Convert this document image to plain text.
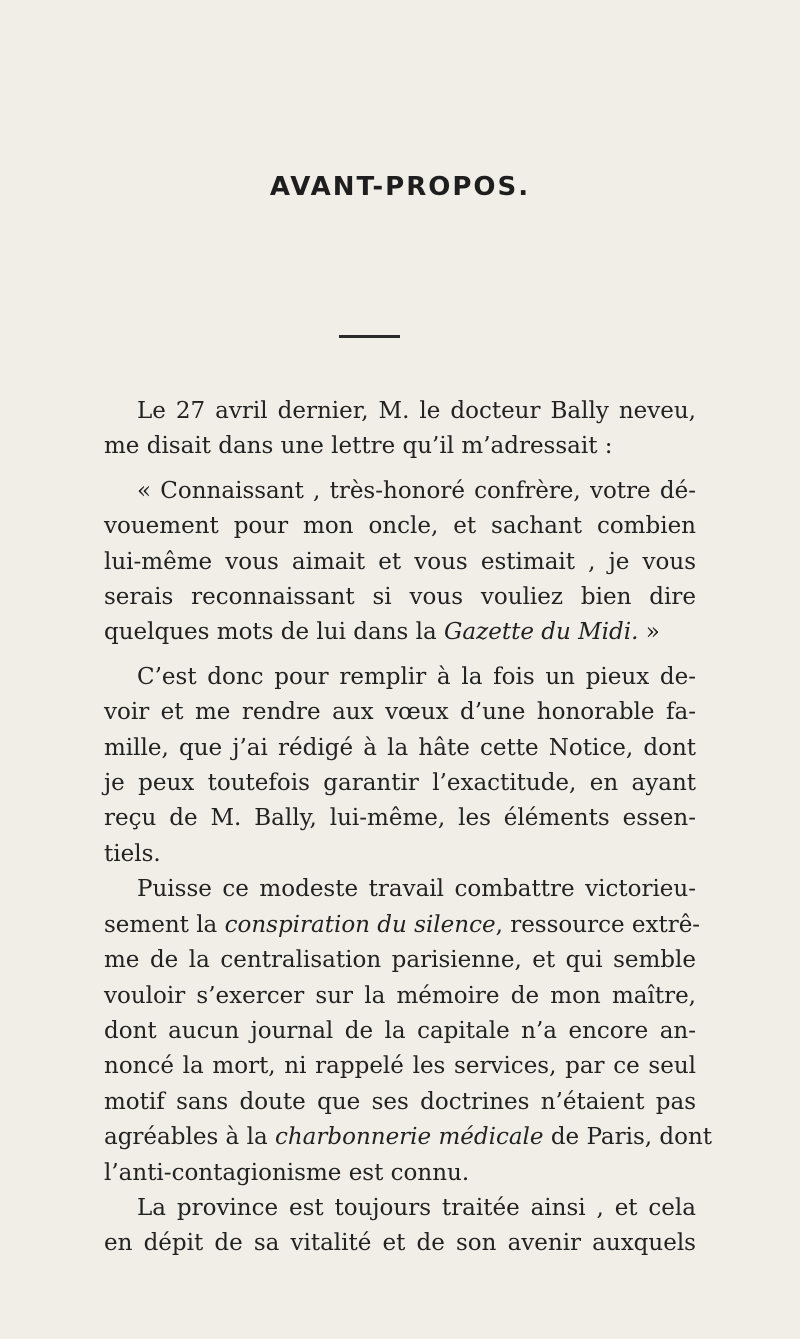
AVANT-PROPOS.
Le 27 avril dernier, M. le docteur Bally neveu,
me disait dans une lettre qu’il m’adressait :
« Connaissant , très-honoré confrère, votre dé-
vouement pour mon oncle, et sachant combien
lui-même vous aimait et vous estimait , je vous
serais reconnaissant si vous vouliez bien dire
quelques mots de lui dans la Gazette du Midi. »
C’est donc pour remplir à la fois un pieux de-
voir et me rendre aux vœux d’une honorable fa-
mille, que j’ai rédigé à la hâte cette Notice, dont
je peux toutefois garantir l’exactitude, en ayant
reçu de M. Bally, lui-même, les éléments essen-
tiels.
Puisse ce modeste travail combattre victorieu-
sement la conspiration du silence, ressource extrê-
me de la centralisation parisienne, et qui semble
vouloir s’exercer sur la mémoire de mon maître,
dont aucun journal de la capitale n’a encore an-
noncé la mort, ni rappelé les services, par ce seul
motif sans doute que ses doctrines n’étaient pas
agréables à la charbonnerie médicale de Paris, dont
l’anti-contagionisme est connu.
La province est toujours traitée ainsi , et cela
en dépit de sa vitalité et de son avenir auxquels
